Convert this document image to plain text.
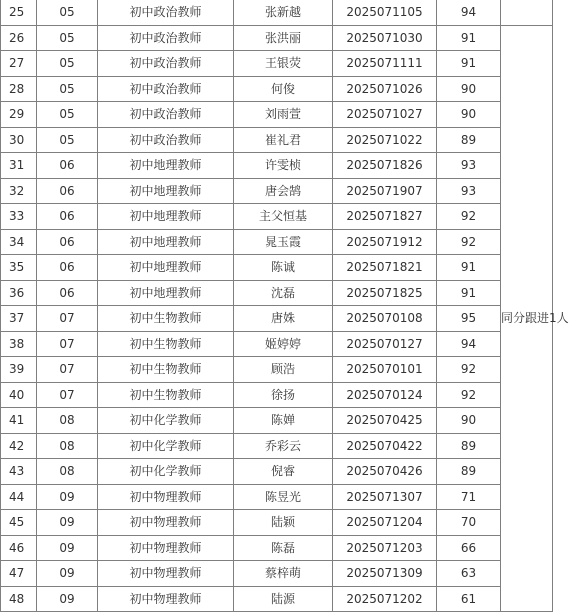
25	05	初中政治教师	张新越	2025071105	94	
26	05	初中政治教师	张洪丽	2025071030	91	同分跟进1人
27	05	初中政治教师	王银荧	2025071111	91	
28	05	初中政治教师	何俊	2025071026	90	
29	05	初中政治教师	刘雨萱	2025071027	90	
30	05	初中政治教师	崔礼君	2025071022	89	
31	06	初中地理教师	许雯桢	2025071826	93	
32	06	初中地理教师	唐会鹄	2025071907	93	
33	06	初中地理教师	主父恒基	2025071827	92	
34	06	初中地理教师	晁玉霞	2025071912	92	
35	06	初中地理教师	陈诚	2025071821	91	
36	06	初中地理教师	沈磊	2025071825	91	
37	07	初中生物教师	唐姝	2025070108	95	
38	07	初中生物教师	姬婷婷	2025070127	94	
39	07	初中生物教师	顾浩	2025070101	92	
40	07	初中生物教师	徐扬	2025070124	92	
41	08	初中化学教师	陈婵	2025070425	90	
42	08	初中化学教师	乔彩云	2025070422	89	
43	08	初中化学教师	倪睿	2025070426	89	
44	09	初中物理教师	陈昱光	2025071307	71	
45	09	初中物理教师	陆颖	2025071204	70	
46	09	初中物理教师	陈磊	2025071203	66	
47	09	初中物理教师	蔡梓萌	2025071309	63	
48	09	初中物理教师	陆源	2025071202	61	
